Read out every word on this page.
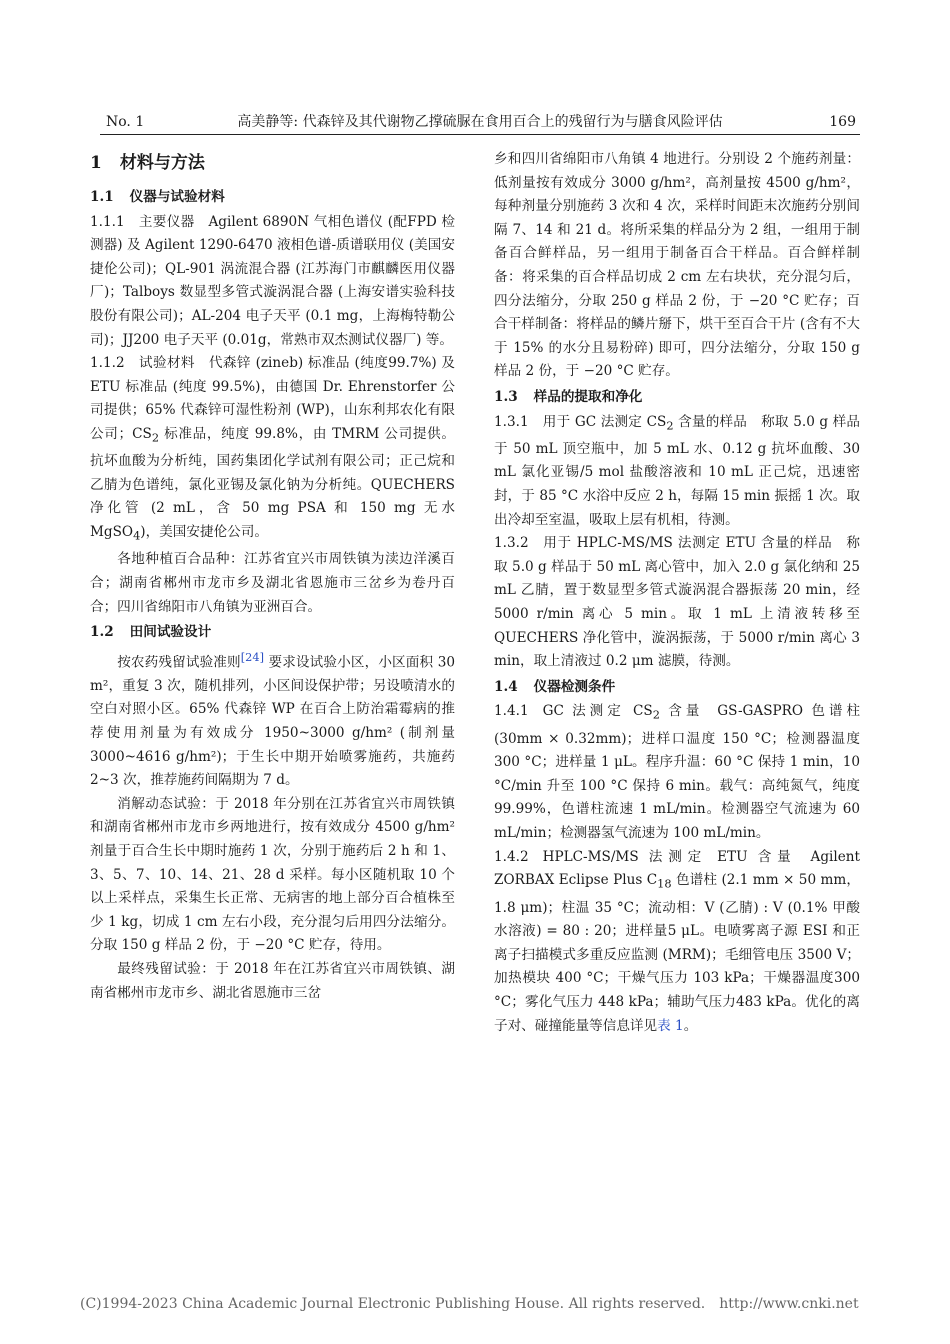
No. 1	高美静等: 代森锌及其代谢物乙撑硫脲在食用百合上的残留行为与膳食风险评估	169
1 材料与方法
1.1 仪器与试验材料

1.1.1 主要仪器 Agilent 6890N 气相色谱仪 (配FPD 检测器) 及 Agilent 1290-6470 液相色谱-质谱联用仪 (美国安捷伦公司)；QL-901 涡流混合器 (江苏海门市麒麟医用仪器厂)；Talboys 数显型多管式漩涡混合器 (上海安谱实验科技股份有限公司)；AL-204 电子天平 (0.1 mg，上海梅特勒公司)；JJ200 电子天平 (0.01g，常熟市双杰测试仪器厂) 等。

1.1.2 试验材料 代森锌 (zineb) 标准品 (纯度99.7%) 及 ETU 标准品 (纯度 99.5%)，由德国 Dr. Ehrenstorfer 公司提供；65% 代森锌可湿性粉剂 (WP)，山东利邦农化有限公司；$CS_2$ 标准品，纯度 99.8%，由 TMRM 公司提供。抗坏血酸为分析纯，国药集团化学试剂有限公司；正己烷和乙腈为色谱纯，氯化亚锡及氯化钠为分析纯。QUECHERS 净化管 (2 mL，含 50 mg PSA 和 150 mg 无水 MgSO$_4$)，美国安捷伦公司。

各地种植百合品种：江苏省宜兴市周铁镇为渎边洋溪百合；湖南省郴州市龙市乡及湖北省恩施市三岔乡为卷丹百合；四川省绵阳市八角镇为亚洲百合。

1.2 田间试验设计

按农药残留试验准则[24] 要求设试验小区，小区面积 30 m²，重复 3 次，随机排列，小区间设保护带；另设喷清水的空白对照小区。65% 代森锌 WP 在百合上防治霜霉病的推荐使用剂量为有效成分 1950~3000 g/hm² (制剂量 3000~4616 g/hm²)；于生长中期开始喷雾施药，共施药 2~3 次，推荐施药间隔期为 7 d。

消解动态试验：于 2018 年分别在江苏省宜兴市周铁镇和湖南省郴州市龙市乡两地进行，按有效成分 4500 g/hm² 剂量于百合生长中期时施药 1 次，分别于施药后 2 h 和 1、3、5、7、10、14、21、28 d 采样。每小区随机取 10 个以上采样点，采集生长正常、无病害的地上部分百合植株至少 1 kg，切成 1 cm 左右小段，充分混匀后用四分法缩分。分取 150 g 样品 2 份，于 −20 °C 贮存，待用。

最终残留试验：于 2018 年在江苏省宜兴市周铁镇、湖南省郴州市龙市乡、湖北省恩施市三岔

乡和四川省绵阳市八角镇 4 地进行。分别设 2 个施药剂量：低剂量按有效成分 3000 g/hm²，高剂量按 4500 g/hm²，每种剂量分别施药 3 次和 4 次，采样时间距末次施药分别间隔 7、14 和 21 d。将所采集的样品分为 2 组，一组用于制备百合鲜样品，另一组用于制备百合干样品。百合鲜样制备：将采集的百合样品切成 2 cm 左右块状，充分混匀后，四分法缩分，分取 250 g 样品 2 份，于 −20 °C 贮存；百合干样制备：将样品的鳞片掰下，烘干至百合干片 (含有不大于 15% 的水分且易粉碎) 即可，四分法缩分，分取 150 g 样品 2 份，于 −20 °C 贮存。

1.3 样品的提取和净化

1.3.1 用于 GC 法测定 $CS_2$ 含量的样品 称取 5.0 g 样品于 50 mL 顶空瓶中，加 5 mL 水、0.12 g 抗坏血酸、30 mL 氯化亚锡/5 mol 盐酸溶液和 10 mL 正己烷，迅速密封，于 85 °C 水浴中反应 2 h，每隔 15 min 振摇 1 次。取出冷却至室温，吸取上层有机相，待测。

1.3.2 用于 HPLC-MS/MS 法测定 ETU 含量的样品 称取 5.0 g 样品于 50 mL 离心管中，加入 2.0 g 氯化纳和 25 mL 乙腈，置于数显型多管式漩涡混合器振荡 20 min，经 5000 r/min 离心 5 min。取 1 mL 上清液转移至 QUECHERS 净化管中，漩涡振荡，于 5000 r/min 离心 3 min，取上清液过 0.2 μm 滤膜，待测。

1.4 仪器检测条件

1.4.1 GC 法测定 $CS_2$ 含量 GS-GASPRO 色谱柱 (30mm × 0.32mm)；进样口温度 150 °C；检测器温度 300 °C；进样量 1 μL。程序升温：60 °C 保持 1 min，10 °C/min 升至 100 °C 保持 6 min。载气：高纯氮气，纯度 99.99%，色谱柱流速 1 mL/min。检测器空气流速为 60 mL/min；检测器氢气流速为 100 mL/min。

1.4.2 HPLC-MS/MS 法测定 ETU 含量 Agilent ZORBAX Eclipse Plus $C_{18}$ 色谱柱 (2.1 mm × 50 mm，1.8 μm)；柱温 35 °C；流动相：V (乙腈) : V (0.1% 甲酸水溶液) = 80 : 20；进样量5 μL。电喷雾离子源 ESI 和正离子扫描模式多重反应监测 (MRM)；毛细管电压 3500 V；加热模块 400 °C；干燥气压力 103 kPa；干燥器温度300 °C；雾化气压力 448 kPa；辅助气压力483 kPa。优化的离子对、碰撞能量等信息详见表 1。

(C)1994-2023 China Academic Journal Electronic Publishing House. All rights reserved. http://www.cnki.net
